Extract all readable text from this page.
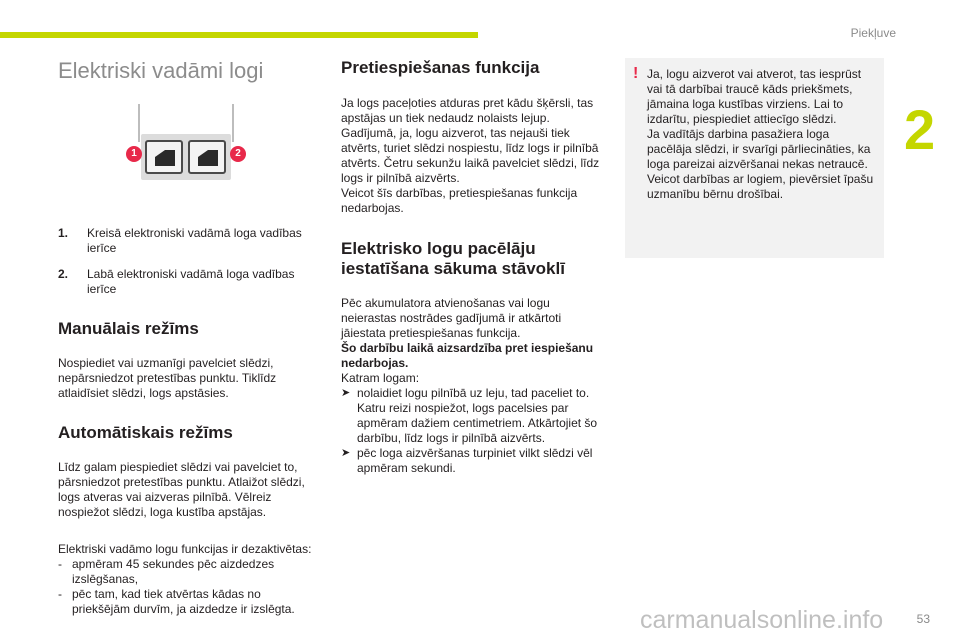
Piekļuve
2
Elektriski vadāmi logi
1	2
1. Kreisā elektroniski vadāmā loga vadības ierīce
2. Labā elektroniski vadāmā loga vadības ierīce
Manuālais režīms

Nospiediet vai uzmanīgi pavelciet slēdzi, nepārsniedzot pretestības punktu. Tiklīdz atlaidīsiet slēdzi, logs apstāsies.

Automātiskais režīms

Līdz galam piespiediet slēdzi vai pavelciet to, pārsniedzot pretestības punktu. Atlaižot slēdzi, logs atveras vai aizveras pilnībā. Vēlreiz nospiežot slēdzi, loga kustība apstājas.

Elektriski vadāmo logu funkcijas ir dezaktivētas:

- apmēram 45 sekundes pēc aizdedzes izslēgšanas,
- pēc tam, kad tiek atvērtas kādas no priekšējām durvīm, ja aizdedze ir izslēgta.
Pretiespiešanas funkcija

Ja logs paceļoties atduras pret kādu šķērsli, tas apstājas un tiek nedaudz nolaists lejup. Gadījumā, ja, logu aizverot, tas nejauši tiek atvērts, turiet slēdzi nospiestu, līdz logs ir pilnībā atvērts. Četru sekunžu laikā pavelciet slēdzi, līdz logs ir pilnībā aizvērts.

Veicot šīs darbības, pretiespiešanas funkcija nedarbojas.

Elektrisko logu pacēlāju iestatīšana sākuma stāvoklī

Pēc akumulatora atvienošanas vai logu neierastas nostrādes gadījumā ir atkārtoti jāiestata pretiespiešanas funkcija.

Šo darbību laikā aizsardzība pret iespiešanu nedarbojas.

Katram logam:

➤ nolaidiet logu pilnībā uz leju, tad paceliet to. Katru reizi nospiežot, logs pacelsies par apmēram dažiem centimetriem. Atkārtojiet šo darbību, līdz logs ir pilnībā aizvērts.
➤ pēc loga aizvēršanas turpiniet vilkt slēdzi vēl apmēram sekundi.
! Ja, logu aizverot vai atverot, tas iesprūst vai tā darbībai traucē kāds priekšmets, jāmaina loga kustības virziens. Lai to izdarītu, piespiediet attiecīgo slēdzi.

Ja vadītājs darbina pasažiera loga pacēlāja slēdzi, ir svarīgi pārliecināties, ka loga pareizai aizvēršanai nekas netraucē.

Veicot darbības ar logiem, pievērsiet īpašu uzmanību bērnu drošībai.

53
carmanualsonline.info
